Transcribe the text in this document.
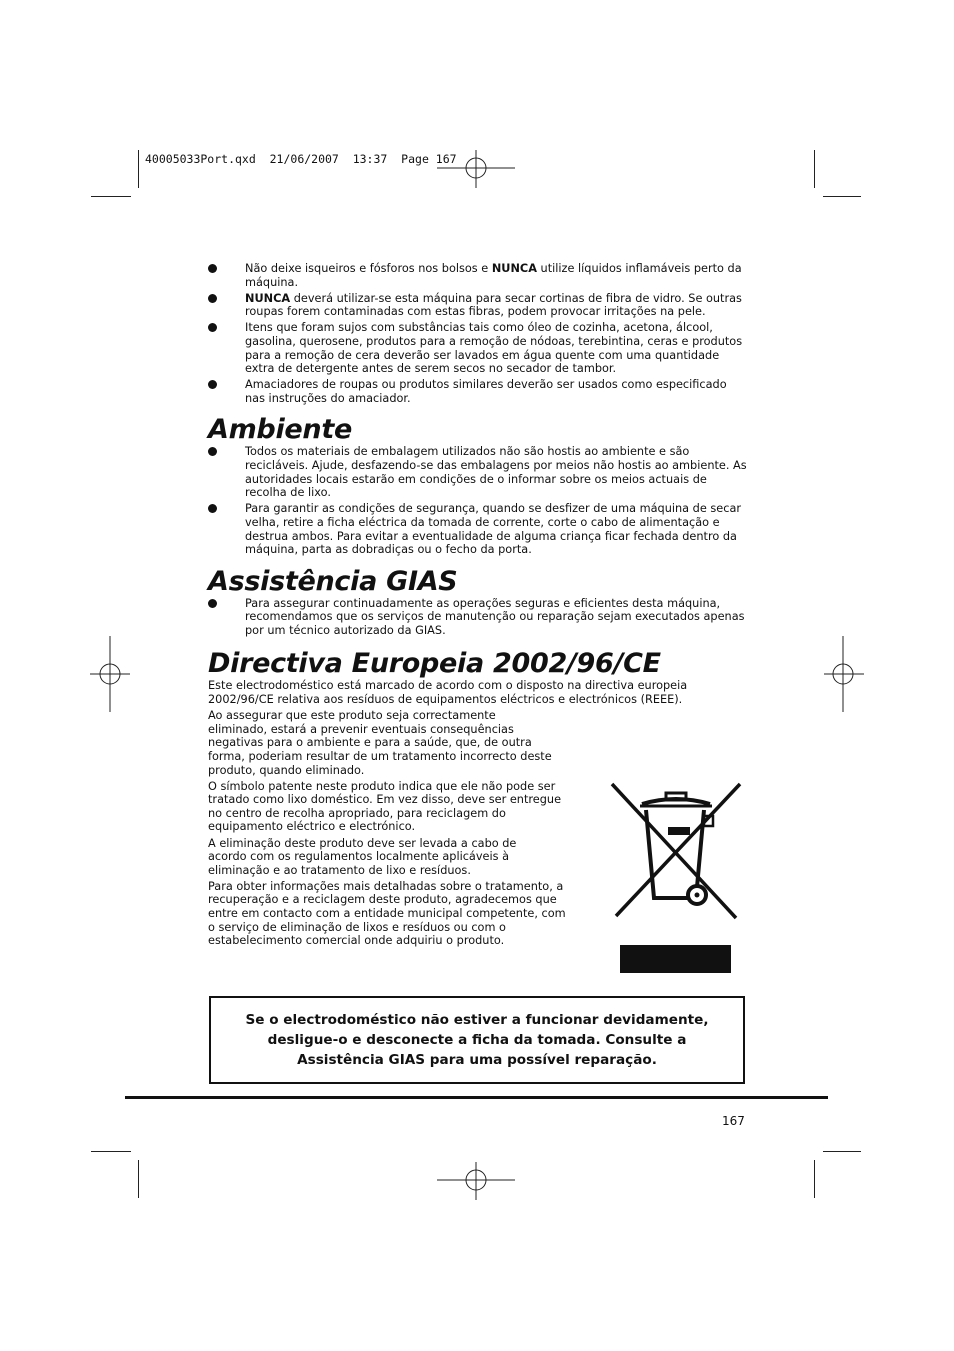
40005033Port.qxd  21/06/2007  13:37  Page 167
Não deixe isqueiros e fósforos nos bolsos e NUNCA utilize líquidos inflamáveis perto da máquina.
NUNCA deverá utilizar-se esta máquina para secar cortinas de fibra de vidro. Se outras roupas forem contaminadas com estas fibras, podem provocar irritações na pele.
Itens que foram sujos com substâncias tais como óleo de cozinha, acetona, álcool, gasolina, querosene, produtos para a remoção de nódoas, terebintina, ceras e produtos para a remoção de cera deverão ser lavados em água quente com uma quantidade extra de detergente antes de serem secos no secador de tambor.
Amaciadores de roupas ou produtos similares deverão ser usados como especificado nas instruções do amaciador.
Ambiente
Todos os materiais de embalagem utilizados não são hostis ao ambiente e são recicláveis. Ajude, desfazendo-se das embalagens por meios não hostis ao ambiente. As autoridades locais estarão em condições de o informar sobre os meios actuais de recolha de lixo.
Para garantir as condições de segurança, quando se desfizer de uma máquina de secar velha, retire a ficha eléctrica da tomada de corrente, corte o cabo de alimentação e destrua ambos. Para evitar a eventualidade de alguma criança ficar fechada dentro da máquina, parta as dobradiças ou o fecho da porta.
Assistência GIAS
Para assegurar continuadamente as operações seguras e eficientes desta máquina, recomendamos que os serviços de manutenção ou reparação sejam executados apenas por um técnico autorizado da GIAS.
Directiva Europeia 2002/96/CE

Este electrodoméstico está marcado de acordo com o disposto na directiva europeia 2002/96/CE relativa aos resíduos de equipamentos eléctricos e electrónicos (REEE).

Ao assegurar que este produto seja correctamente eliminado, estará a prevenir eventuais consequências negativas para o ambiente e para a saúde, que, de outra forma, poderiam resultar de um tratamento incorrecto deste produto, quando eliminado.

O símbolo patente neste produto indica que ele não pode ser tratado como lixo doméstico. Em vez disso, deve ser entregue no centro de recolha apropriado, para reciclagem do equipamento eléctrico e electrónico.

A eliminação deste produto deve ser levada a cabo de acordo com os regulamentos localmente aplicáveis à eliminação e ao tratamento de lixo e resíduos.

Para obter informações mais detalhadas sobre o tratamento, a recuperação e a reciclagem deste produto, agradecemos que entre em contacto com a entidade municipal competente, com o serviço de eliminação de lixos e resíduos ou com o estabelecimento comercial onde adquiriu o produto.

Se o electrodoméstico não estiver a funcionar devidamente, desligue-o e desconecte a ficha da tomada. Consulte a Assistência GIAS para uma possível reparação.
167
